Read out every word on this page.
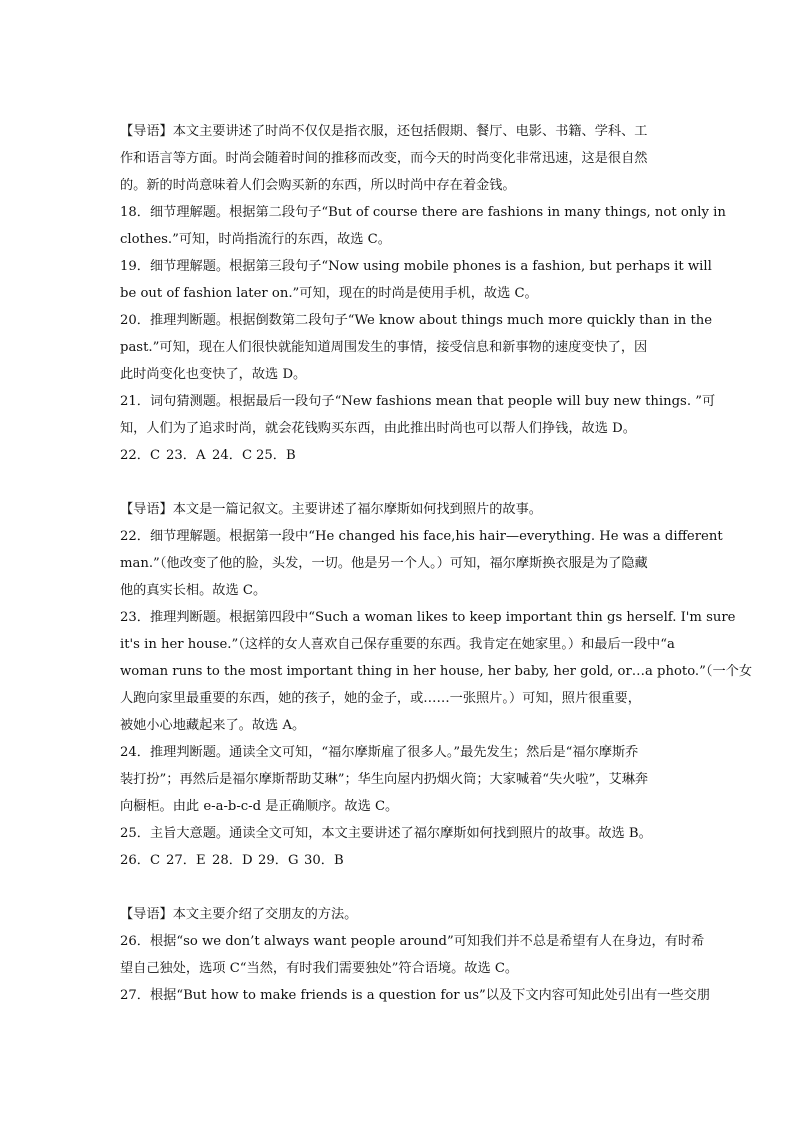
【导语】本文主要讲述了时尚不仅仅是指衣服，还包括假期、餐厅、电影、书籍、学科、工
作和语言等方面。时尚会随着时间的推移而改变，而今天的时尚变化非常迅速，这是很自然
的。新的时尚意味着人们会购买新的东西，所以时尚中存在着金钱。
18．细节理解题。根据第二段句子“But of course there are fashions in many things, not only in
clothes.”可知，时尚指流行的东西，故选 C。
19．细节理解题。根据第三段句子“Now using mobile phones is a fashion, but perhaps it will
be out of fashion later on.”可知，现在的时尚是使用手机，故选 C。
20．推理判断题。根据倒数第二段句子“We know about things much more quickly than in the
past.”可知，现在人们很快就能知道周围发生的事情，接受信息和新事物的速度变快了，因
此时尚变化也变快了，故选 D。
21．词句猜测题。根据最后一段句子“New fashions mean that people will buy new things. ”可
知，人们为了追求时尚，就会花钱购买东西，由此推出时尚也可以帮人们挣钱，故选 D。
22．C 23．A 24．C 25．B
【导语】本文是一篇记叙文。主要讲述了福尔摩斯如何找到照片的故事。
22．细节理解题。根据第一段中“He changed his face,his hair—everything. He was a different
man.”（他改变了他的脸，头发，一切。他是另一个人。）可知，福尔摩斯换衣服是为了隐藏
他的真实长相。故选 C。
23．推理判断题。根据第四段中“Such a woman likes to keep important thin gs herself. I'm sure
it's in her house.”（这样的女人喜欢自己保存重要的东西。我肯定在她家里。）和最后一段中“a
woman runs to the most important thing in her house, her baby, her gold, or…a photo.”（一个女
人跑向家里最重要的东西，她的孩子，她的金子，或……一张照片。）可知，照片很重要，
被她小心地藏起来了。故选 A。
24．推理判断题。通读全文可知，“福尔摩斯雇了很多人。”最先发生；然后是“福尔摩斯乔
装打扮”；再然后是福尔摩斯帮助艾琳”；华生向屋内扔烟火筒；大家喊着“失火啦”，艾琳奔
向橱柜。由此 e-a-b-c-d 是正确顺序。故选 C。
25．主旨大意题。通读全文可知，本文主要讲述了福尔摩斯如何找到照片的故事。故选 B。
26．C 27．E 28．D 29．G 30．B
【导语】本文主要介绍了交朋友的方法。
26．根据“so we don’t always want people around”可知我们并不总是希望有人在身边，有时希
望自己独处，选项 C“当然，有时我们需要独处”符合语境。故选 C。
27．根据“But how to make friends is a question for us”以及下文内容可知此处引出有一些交朋
